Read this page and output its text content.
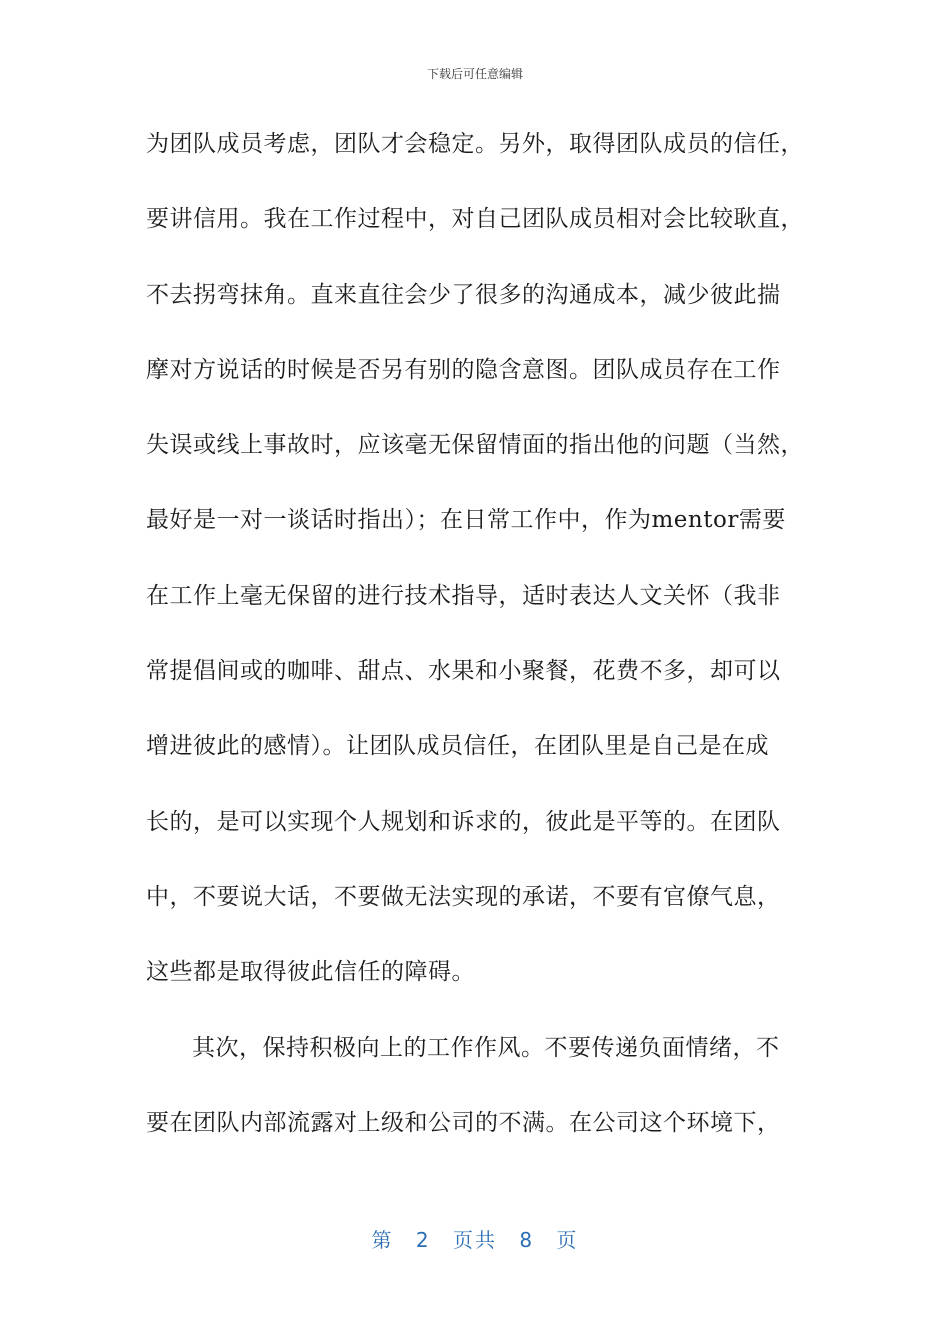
下载后可任意编辑
为团队成员考虑，团队才会稳定。另外，取得团队成员的信任，
要讲信用。我在工作过程中，对自己团队成员相对会比较耿直，
不去拐弯抹角。直来直往会少了很多的沟通成本，减少彼此揣
摩对方说话的时候是否另有别的隐含意图。团队成员存在工作
失误或线上事故时，应该毫无保留情面的指出他的问题（当然，
最好是一对一谈话时指出）；在日常工作中，作为mentor需要
在工作上毫无保留的进行技术指导，适时表达人文关怀（我非
常提倡间或的咖啡、甜点、水果和小聚餐，花费不多，却可以
增进彼此的感情）。让团队成员信任，在团队里是自己是在成
长的，是可以实现个人规划和诉求的，彼此是平等的。在团队
中，不要说大话，不要做无法实现的承诺，不要有官僚气息，
这些都是取得彼此信任的障碍。
其次，保持积极向上的工作作风。不要传递负面情绪，不
要在团队内部流露对上级和公司的不满。在公司这个环境下，
第 2 页共 8 页
